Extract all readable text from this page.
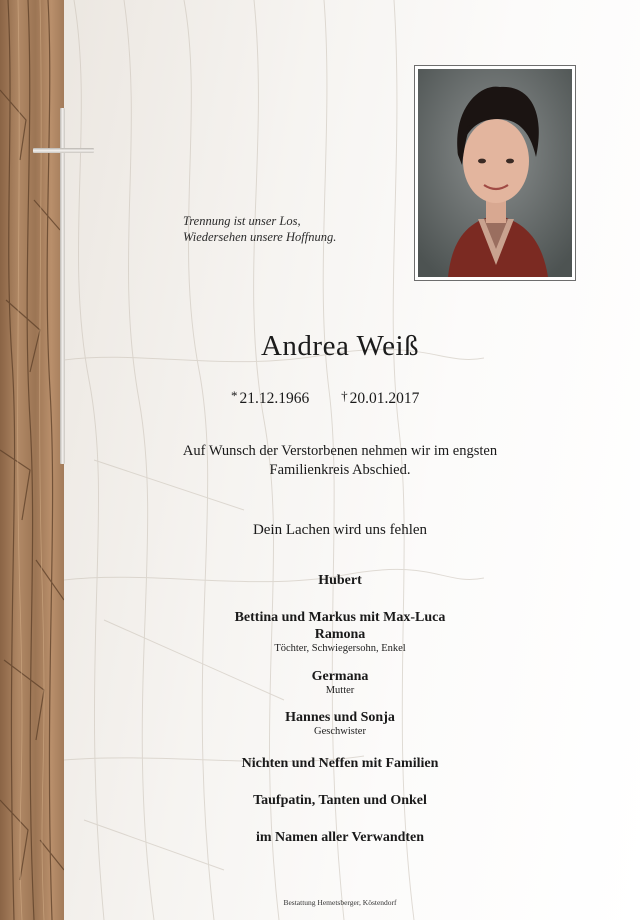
Trennung ist unser Los,
Wiedersehen unsere Hoffnung.
Andrea Weiß
* 21.12.1966 † 20.01.2017
Auf Wunsch der Verstorbenen nehmen wir im engsten
Familienkreis Abschied.
Dein Lachen wird uns fehlen
Hubert
Bettina und Markus mit Max-Luca
Ramona
Töchter, Schwiegersohn, Enkel
Germana
Mutter
Hannes und Sonja
Geschwister
Nichten und Neffen mit Familien
Taufpatin, Tanten und Onkel
im Namen aller Verwandten
Bestattung Hemetsberger, Köstendorf
